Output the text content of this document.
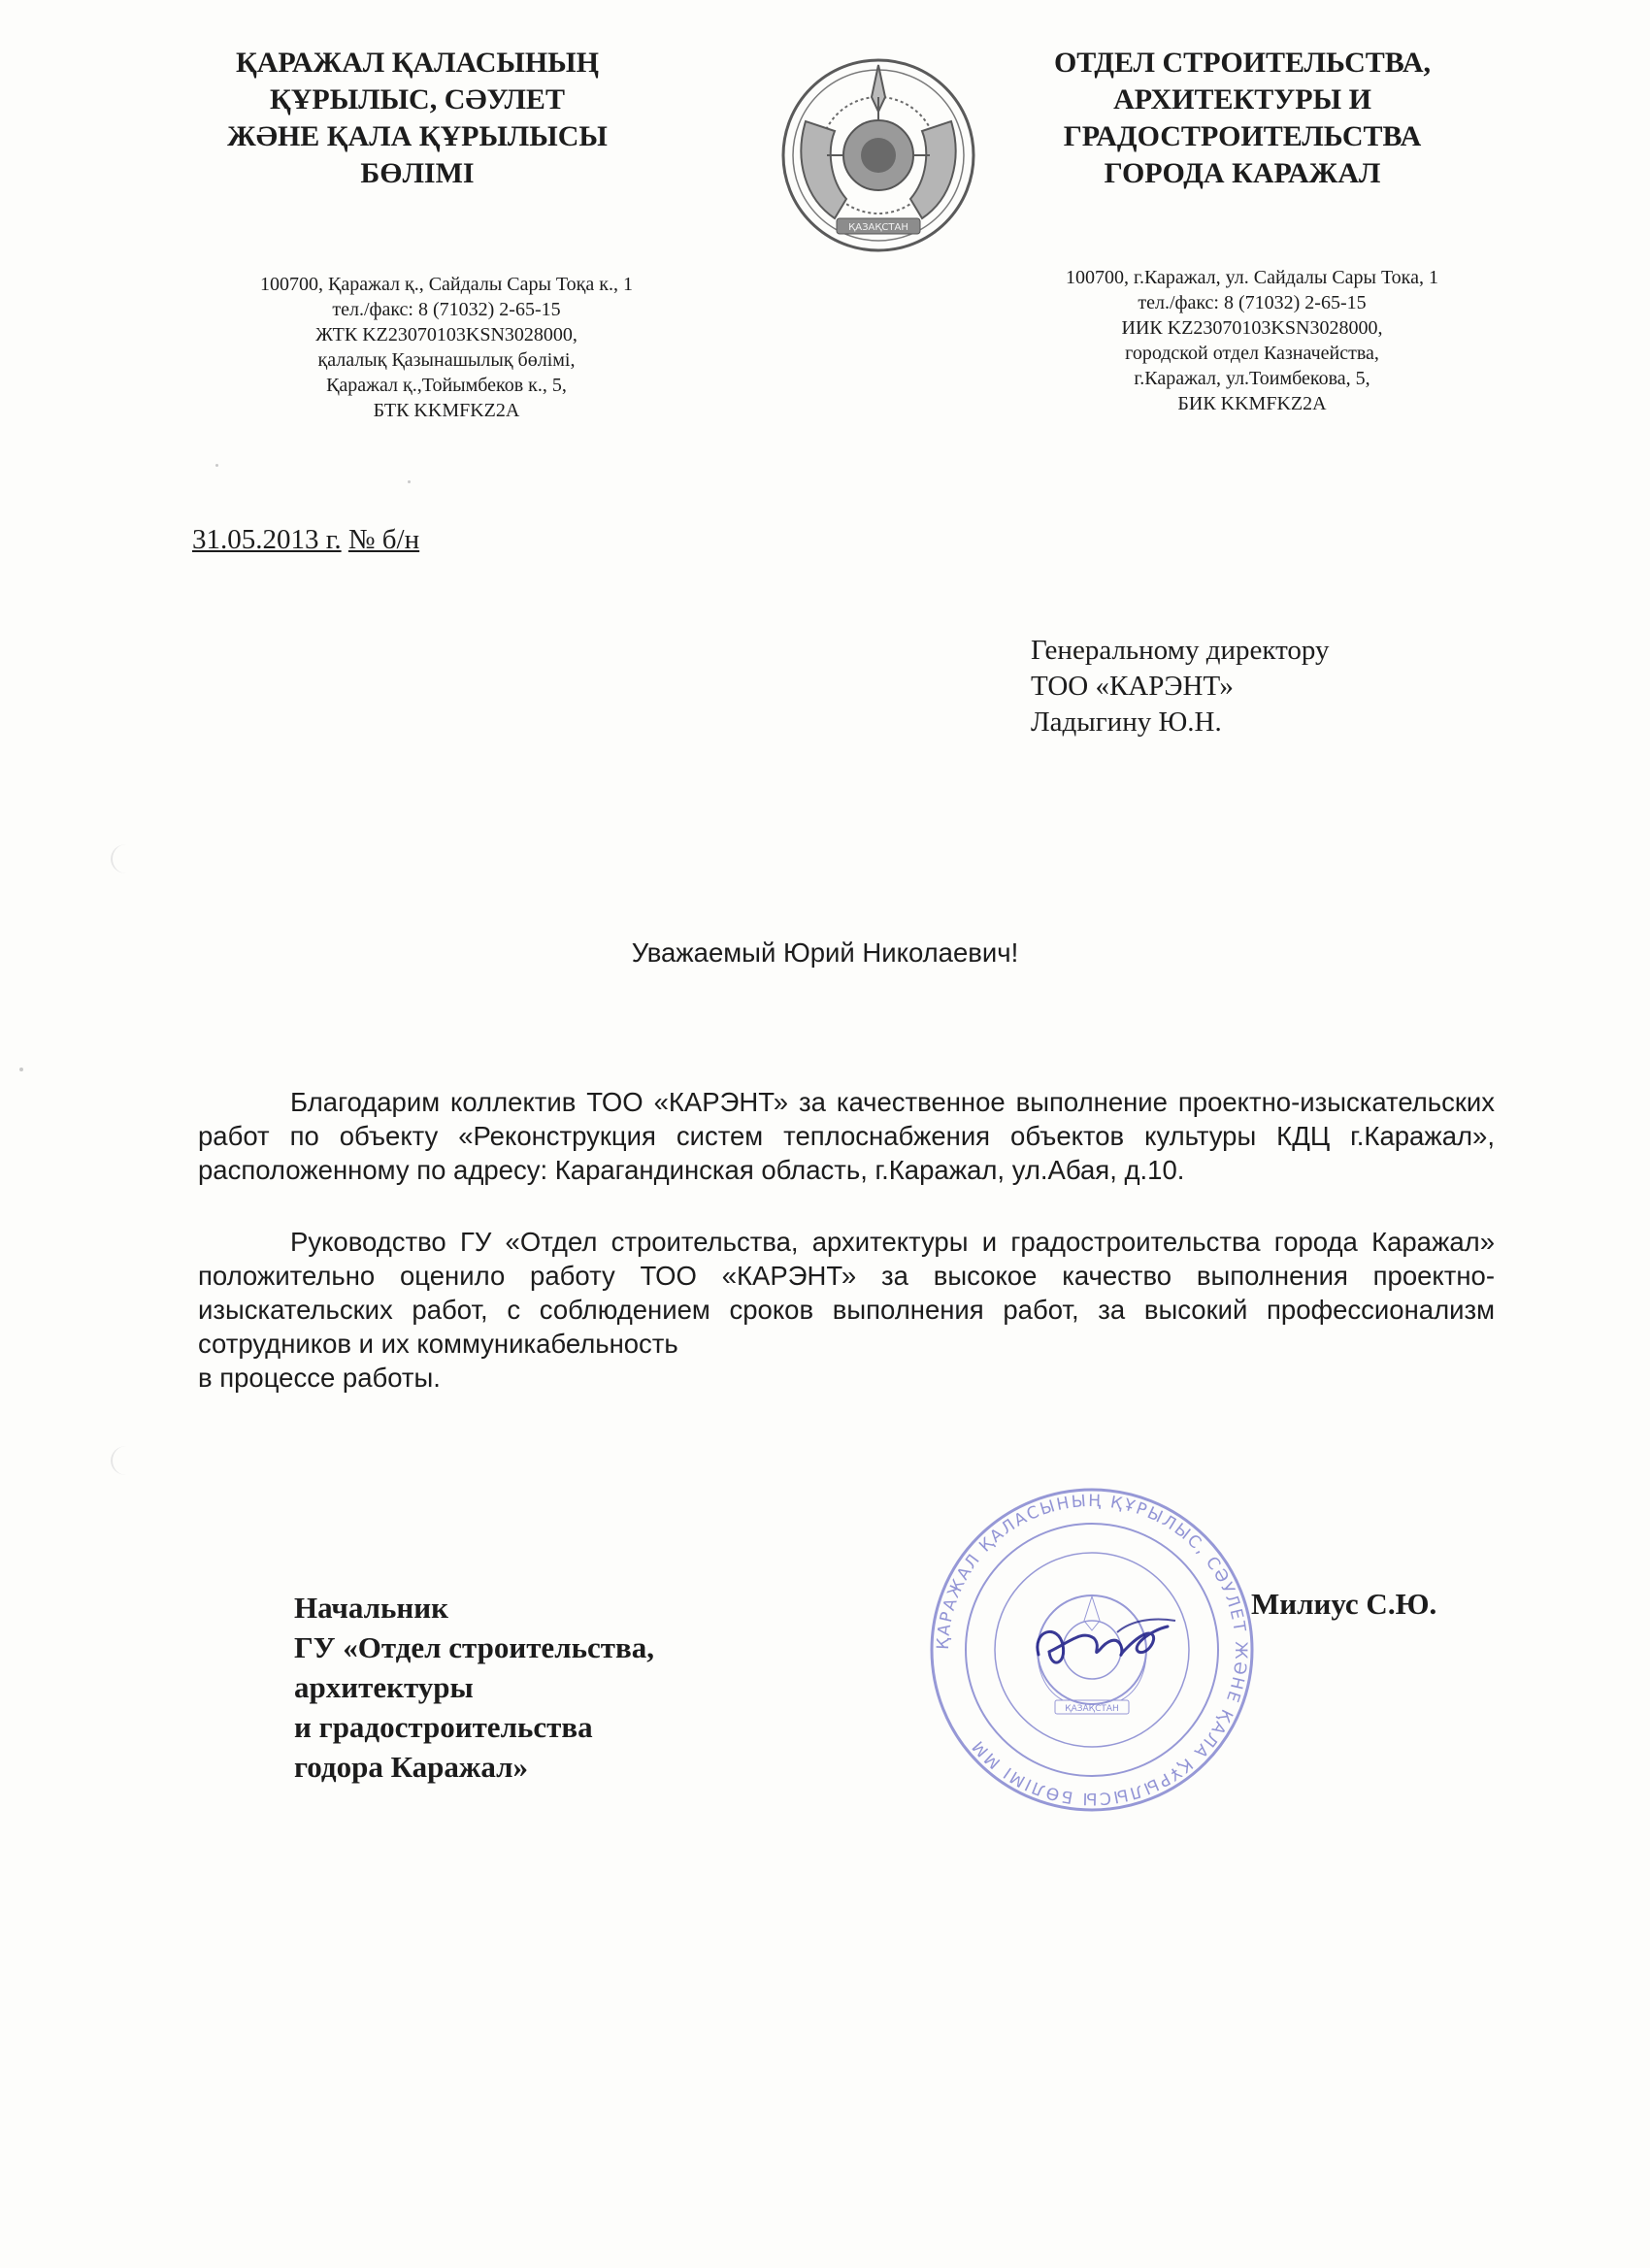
ҚАРАЖАЛ ҚАЛАСЫНЫҢ
ҚҰРЫЛЫС, СӘУЛЕТ
ЖӘНЕ ҚАЛА ҚҰРЫЛЫСЫ
БӨЛІМІ
100700, Қаражал қ., Сайдалы Сары Тоқа к., 1
тел./факс: 8 (71032) 2-65-15
ЖТК KZ23070103KSN3028000,
қалалық Қазынашылық бөлімі,
Қаражал қ.,Тойымбеков к., 5,
БТК KKMFKZ2A
ҚАЗАҚСТАН
ОТДЕЛ СТРОИТЕЛЬСТВА,
АРХИТЕКТУРЫ И
ГРАДОСТРОИТЕЛЬСТВА
ГОРОДА КАРАЖАЛ
100700, г.Каражал, ул. Сайдалы Сары Тока, 1
тел./факс: 8 (71032) 2-65-15
ИИК KZ23070103KSN3028000,
городской отдел Казначейства,
г.Каражал, ул.Тоимбекова, 5,
БИК KKMFKZ2A
31.05.2013 г. № б/н
Генеральному директору
ТОО «КАРЭНТ»
Ладыгину Ю.Н.
Уважаемый Юрий Николаевич!

Благодарим коллектив ТОО «КАРЭНТ» за качественное выполнение проектно-изыскательских работ по объекту «Реконструкция систем теплоснабжения объектов культуры КДЦ г.Каражал», расположенному по адресу: Карагандинская область, г.Каражал, ул.Абая, д.10.

Руководство ГУ «Отдел строительства, архитектуры и градостроительства города Каражал» положительно оценило работу ТОО «КАРЭНТ» за высокое качество выполнения проектно-изыскательских работ, с соблюдением сроков выполнения работ, за высокий профессионализм сотрудников и их коммуникабельность

в процессе работы.

Начальник
ГУ «Отдел строительства,
архитектуры
и градостроительства
годора Каражал»
Милиус С.Ю.
ҚАРАЖАЛ ҚАЛАСЫНЫҢ ҚҰРЫЛЫС, СӘУЛЕТ ЖӘНЕ ҚАЛА ҚҰРЫЛЫСЫ БӨЛІМІ ММ
ҚАЗАҚСТАН
